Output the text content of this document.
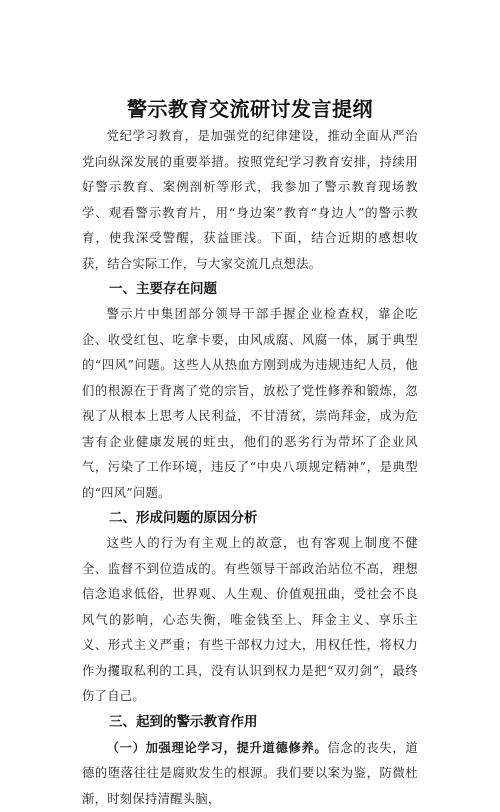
警示教育交流研讨发言提纲

党纪学习教育，是加强党的纪律建设，推动全面从严治党向纵深发展的重要举措。按照党纪学习教育安排，持续用好警示教育、案例剖析等形式，我参加了警示教育现场教学、观看警示教育片，用“身边案”教育“身边人”的警示教育，使我深受警醒，获益匪浅。下面，结合近期的感想收获，结合实际工作，与大家交流几点想法。

一、主要存在问题

警示片中集团部分领导干部手握企业检查权，靠企吃企、收受红包、吃拿卡要，由风成腐、风腐一体，属于典型的“四风”问题。这些人从热血方刚到成为违规违纪人员，他们的根源在于背离了党的宗旨，放松了党性修养和锻炼，忽视了从根本上思考人民利益，不甘清贫，崇尚拜金，成为危害有企业健康发展的蛀虫，他们的恶劣行为带坏了企业风气，污染了工作环境，违反了“中央八项规定精神”，是典型的“四风”问题。

二、形成问题的原因分析

这些人的行为有主观上的故意，也有客观上制度不健全、监督不到位造成的。有些领导干部政治站位不高，理想信念追求低俗，世界观、人生观、价值观扭曲，受社会不良风气的影响，心态失衡，唯金钱至上、拜金主义、享乐主义、形式主义严重；有些干部权力过大，用权任性，将权力作为攫取私利的工具，没有认识到权力是把“双刃剑”，最终伤了自己。

三、起到的警示教育作用

（一）加强理论学习，提升道德修养。信念的丧失，道德的堕落往往是腐败发生的根源。我们要以案为鉴，防微杜渐，时刻保持清醒头脑，
